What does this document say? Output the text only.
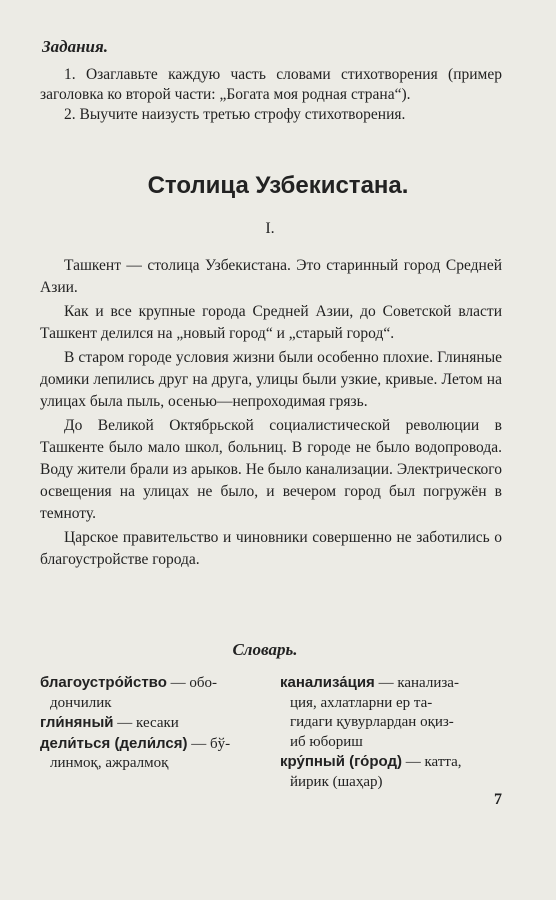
Задания.

1. Озаглавьте каждую часть словами стихотворения (пример заголовка ко второй части: „Богата моя родная страна“).

2. Выучите наизусть третью строфу стихотворения.

Столица Узбекистана.
I.

Ташкент — столица Узбекистана. Это старинный город Средней Азии.

Как и все крупные города Средней Азии, до Советской власти Ташкент делился на „новый город“ и „старый город“.

В старом городе условия жизни были особенно плохие. Глиняные домики лепились друг на друга, улицы были узкие, кривые. Летом на улицах была пыль, осенью—непроходимая грязь.

До Великой Октябрьской социалистической революции в Ташкенте было мало школ, больниц. В городе не было водопровода. Воду жители брали из арыков. Не было канализации. Электрического освещения на улицах не было, и вечером город был погружён в темноту.

Царское правительство и чиновники совершенно не заботились о благоустройстве города.

Словарь.
благоустро́йство — обо-
дончилик
гли́няный — кесаки
дели́ться (дели́лся) — бў-
линмоқ, ажралмоқ
канализа́ция — канализа-
ция, ахлатларни ер та-
гидаги қувурлардан оқиз-
иб юбориш
кру́пный (го́род) — катта,
йирик (шаҳар)
7
